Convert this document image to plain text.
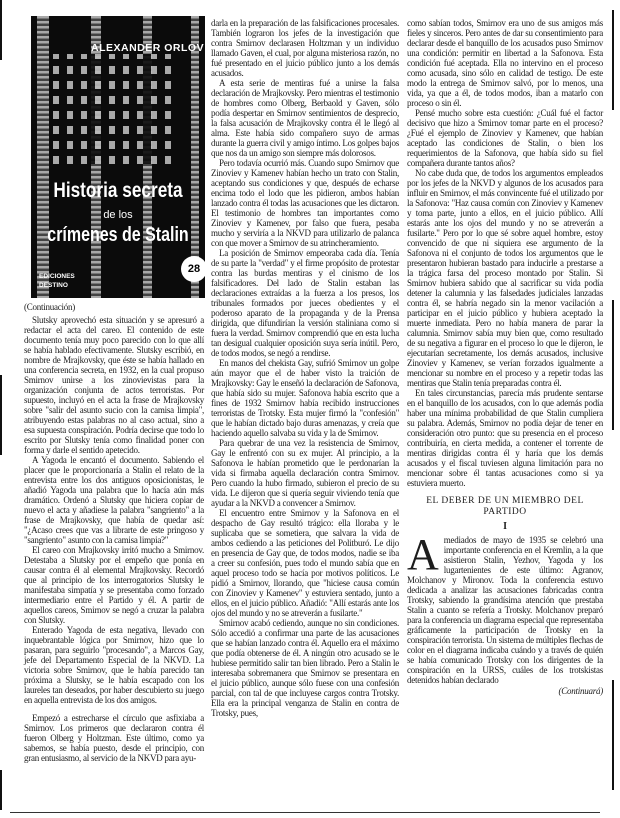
ALEXANDER ORLOV
Historia secreta
de los
crímenes de Stalin
28
EDICIONES
DESTINO
(Continuación)

Slutsky aprovechó esta situación y se apresuró a redactar el acta del careo. El contenido de este documento tenía muy poco parecido con lo que allí se había hablado efectivamente. Slutsky escribió, en nombre de Mrajkovsky, que éste se había hallado en una conferencia secreta, en 1932, en la cual propuso Smirnov unirse a los zinovievistas para la organización conjunta de actos terroristas. Por supuesto, incluyó en el acta la frase de Mrajkovsky sobre "salir del asunto sucio con la camisa limpia", atribuyendo estas palabras no al caso actual, sino a esa supuesta conspiración. Podría decirse que todo lo escrito por Slutsky tenía como finalidad poner con forma y darle el sentido apetecido.

A Yagoda le encantó el documento. Sabiendo el placer que le proporcionaría a Stalin el relato de la entrevista entre los dos antiguos oposicionistas, le añadió Yagoda una palabra que lo hacía aún más dramático. Ordenó a Slutsky que hiciera copiar de nuevo el acta y añadiese la palabra "sangriento" a la frase de Mrajkovsky, que había de quedar así: "¿Acaso crees que vas a librarte de este pringoso y "sangriento" asunto con la camisa limpia?"

El careo con Mrajkovsky irritó mucho a Smirnov. Detestaba a Slutsky por el empeño que ponía en causar contra él al elemental Mrajkovsky. Recordó que al principio de los interrogatorios Slutsky le manifestaba simpatía y se presentaba como forzado intermediario entre el Partido y él. A partir de aquellos careos, Smirnov se negó a cruzar la palabra con Slutsky.

Enterado Yagoda de esta negativa, llevado con inquebrantable lógica por Smirnov, hizo que lo pasaran, para seguirlo "procesando", a Marcos Gay, jefe del Departamento Especial de la NKVD. La victoria sobre Smirnov, que le había parecido tan próxima a Slutsky, se le había escapado con los laureles tan deseados, por haber descubierto su juego en aquella entrevista de los dos amigos.

Empezó a estrecharse el círculo que asfixiaba a Smirnov. Los primeros que declararon contra él fueron Olberg y Holtzman. Este último, como ya sabemos, se había puesto, desde el principio, con gran entusiasmo, al servicio de la NKVD para ayu-

darla en la preparación de las falsificaciones procesales. También lograron los jefes de la investigación que contra Smirnov declarasen Holtzman y un individuo llamado Gaven, el cual, por alguna misteriosa razón, no fué presentado en el juicio público junto a los demás acusados.

A esta serie de mentiras fué a unirse la falsa declaración de Mrajkovsky. Pero mientras el testimonio de hombres como Olberg, Berbaold y Gaven, sólo podía despertar en Smirnov sentimientos de desprecio, la falsa acusación de Mrajkovsky contra él le llegó al alma. Este había sido compañero suyo de armas durante la guerra civil y amigo íntimo. Los golpes bajos que nos da un amigo son siempre más dolorosos.

Pero todavía ocurrió más. Cuando supo Smirnov que Zinoviev y Kamenev habían hecho un trato con Stalin, aceptando sus condiciones y que, después de echarse encima todo el lodo que les pidieron, ambos habían lanzado contra él todas las acusaciones que les dictaron. El testimonio de hombres tan importantes como Zinoviev y Kamenev, por falso que fuera, pesaba mucho y serviría a la NKVD para utilizarlo de palanca con que mover a Smirnov de su atrincheramiento.

La posición de Smirnov empeoraba cada día. Tenía de su parte la "verdad" y el firme propósito de protestar contra las burdas mentiras y el cinismo de los falsificadores. Del lado de Stalin estaban las declaraciones extraídas a la fuerza a los presos, los tribunales formados por jueces obedientes y el poderoso aparato de la propaganda y de la Prensa dirigida, que difundirían la versión staliniana como si fuera la verdad. Smirnov comprendió que en esta lucha tan desigual cualquier oposición suya sería inútil. Pero, de todos modos, se negó a rendirse.

En manos del chekista Gay, sufrió Smirnov un golpe aún mayor que el de haber visto la traición de Mrajkovsky: Gay le enseñó la declaración de Safonova, que había sido su mujer. Safonova había escrito que a fines de 1932 Smirnov había recibido instrucciones terroristas de Trotsky. Esta mujer firmó la "confesión" que le habían dictado bajo duras amenazas, y creía que haciendo aquello salvaba su vida y la de Smirnov.

Para quebrar de una vez la resistencia de Smirnov, Gay le enfrentó con su ex mujer. Al principio, a la Safonova le habían prometido que le perdonarían la vida si firmaba aquella declaración contra Smirnov. Pero cuando la hubo firmado, subieron el precio de su vida. Le dijeron que si quería seguir viviendo tenía que ayudar a la NKVD a convencer a Smirnov.

El encuentro entre Smirnov y la Safonova en el despacho de Gay resultó trágico: ella lloraba y le suplicaba que se sometiera, que salvara la vida de ambos cediendo a las peticiones del Politburó. Le dijo en presencia de Gay que, de todos modos, nadie se iba a creer su confesión, pues todo el mundo sabía que en aquel proceso todo se hacía por motivos políticos. Le pidió a Smirnov, llorando, que "hiciese causa común con Zinoviev y Kamenev" y estuviera sentado, junto a ellos, en el juicio público. Añadió: "Allí estarás ante los ojos del mundo y no se atreverán a fusilarte."

Smirnov acabó cediendo, aunque no sin condiciones. Sólo accedió a confirmar una parte de las acusaciones que se habían lanzado contra él. Aquello era el máximo que podía obtenerse de él. A ningún otro acusado se le hubiese permitido salir tan bien librado. Pero a Stalin le interesaba sobremanera que Smirnov se presentara en el juicio público, aunque sólo fuese con una confesión parcial, con tal de que incluyese cargos contra Trotsky. Ella era la principal venganza de Stalin en contra de Trotsky, pues,

como sabían todos, Smirnov era uno de sus amigos más fieles y sinceros. Pero antes de dar su consentimiento para declarar desde el banquillo de los acusados puso Smirnov una condición: permitir en libertad a la Safonova. Esta condición fué aceptada. Ella no intervino en el proceso como acusada, sino sólo en calidad de testigo. De este modo la entrega de Smirnov salvó, por lo menos, una vida, ya que a él, de todos modos, iban a matarlo con proceso o sin él.

Pensé mucho sobre esta cuestión: ¿Cuál fué el factor decisivo que hizo a Smirnov tomar parte en el proceso? ¿Fué el ejemplo de Zinoviev y Kamenev, que habían aceptado las condiciones de Stalin, o bien los requerimientos de la Safonova, que había sido su fiel compañera durante tantos años?

No cabe duda que, de todos los argumentos empleados por los jefes de la NKVD y algunos de los acusados para influir en Smirnov, el más convincente fué el utilizado por la Safonova: "Haz causa común con Zinoviev y Kamenev y toma parte, junto a ellos, en el juicio público. Allí estarás ante los ojos del mundo y no se atreverán a fusilarte." Pero por lo que sé sobre aquel hombre, estoy convencido de que ni siquiera ese argumento de la Safonova ni el conjunto de todos los argumentos que le presentaron hubieran bastado para inducirle a prestarse a la trágica farsa del proceso montado por Stalin. Si Smirnov hubiera sabido que al sacrificar su vida podía detener la calumnia y las falsedades judiciales lanzadas contra él, se habría negado sin la menor vacilación a participar en el juicio público y hubiera aceptado la muerte inmediata. Pero no había manera de parar la calumnia. Smirnov sabía muy bien que, como resultado de su negativa a figurar en el proceso lo que le dijeron, le ejecutarían secretamente, los demás acusados, inclusive Zinoviev y Kamenev, se verían forzados igualmente a mencionar su nombre en el proceso y a repetir todas las mentiras que Stalin tenía preparadas contra él.

En tales circunstancias, parecía más prudente sentarse en el banquillo de los acusados, con lo que además podía haber una mínima probabilidad de que Stalin cumpliera su palabra. Además, Smirnov no podía dejar de tener en consideración otro punto: que su presencia en el proceso contribuiría, en cierta medida, a contener el torrente de mentiras dirigidas contra él y haría que los demás acusados y el fiscal tuviesen alguna limitación para no mencionar sobre él tantas acusaciones como si ya estuviera muerto.

EL DEBER DE UN MIEMBRO DEL PARTIDO
I
A mediados de mayo de 1935 se celebró una importante conferencia en el Kremlin, a la que asistieron Stalin, Yezhov, Yagoda y los lugartenientes de este último: Agranov, Molchanov y Mironov. Toda la conferencia estuvo dedicada a analizar las acusaciones fabricadas contra Trotsky, sabiendo la grandísima atención que prestaba Stalin a cuanto se refería a Trotsky. Molchanov preparó para la conferencia un diagrama especial que representaba gráficamente la participación de Trotsky en la conspiración terrorista. Un sistema de múltiples flechas de color en el diagrama indicaba cuándo y a través de quién se había comunicado Trotsky con los dirigentes de la conspiración en la URSS, cuáles de los trotskistas detenidos habían declarado

(Continuará)
